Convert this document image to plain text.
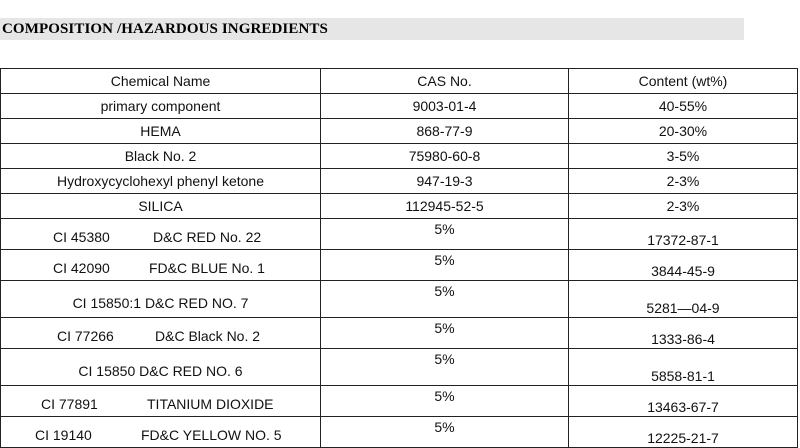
COMPOSITION /HAZARDOUS INGREDIENTS
Chemical Name	CAS No.	Content (wt%)
primary component	9003-01-4	40-55%
HEMA	868-77-9	20-30%
Black No. 2	75980-60-8	3-5%
Hydroxycyclohexyl phenyl ketone	947-19-3	2-3%
SILICA	112945-52-5	2-3%

CI 45380 D&C RED No. 22	5%	17372-87-1

CI 42090 FD&C BLUE No. 1	5%	3844-45-9
CI 15850:1 D&C RED NO. 7	5%	5281—04-9

CI 77266 D&C Black No. 2	5%	1333-86-4
CI 15850 D&C RED NO. 6	5%	5858-81-1

CI 77891 TITANIUM DIOXIDE	5%	13463-67-7

CI 19140 FD&C YELLOW NO. 5	5%	12225-21-7
